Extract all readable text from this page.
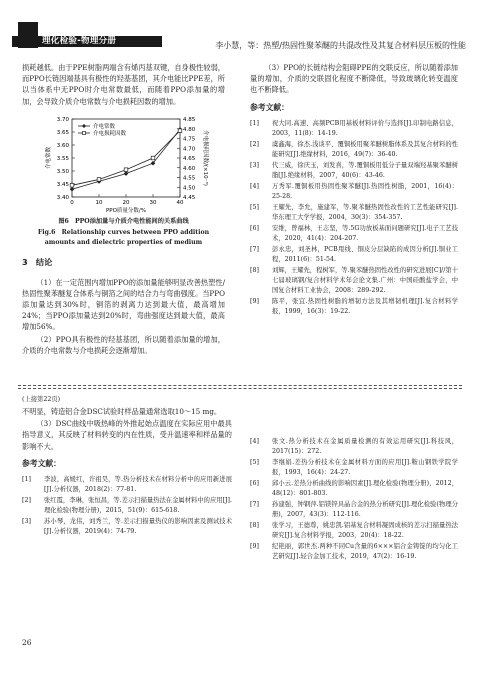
理化检验-物理分册	李小慧，等：热塑/热固性聚苯醚的共混改性及其复合材料层压板的性能

损耗越低。由于PPE树脂两端含有烯丙基双键，自身极性较弱，而PPO长链因端基具有极性的羟基基团，其介电能比PPE差，所以当体系中无PPO时介电常数最低，而随着PPO添加量的增加，会导致介质介电常数与介电损耗因数的增加。

3.40
3.45
3.50
3.55
3.60
3.65
3.70
4.45
4.50
4.55
4.60
4.65
4.70
4.75
4.80
4.85
0	10	20	30	40
PPO质量分数/%
介电常数	介电损耗因数/(×10⁻³)
介电常数
介电损耗因数
图6　PPO添加量与介质介电性能间的关系曲线
Fig.6　Relationship curves between PPO addition amounts and dielectric properties of medium
3　结论

（1）在一定范围内增加PPO的添加量能够明显改善热塑性/热固性聚苯醚复合体系与铜箔之间的结合力与弯曲强度。当PPO添加量达到30%时，铜箔的剥离力达到最大值，最高增加24%；当PPO添加量达到20%时，弯曲强度达到最大值，最高增加56%。

（2）PPO具有极性的羟基基团，所以随着添加量的增加，介质的介电常数与介电损耗会逐渐增加。

（3）PPO的长链结构会阻碍PPE的交联反应，所以随着添加量的增加，介质的交联固化程度不断降低，导致玻璃化转变温度也不断降低。

参考文献：
[1]	祝大同.高速、高频PCB用基板材料评价与选择[J].印制电路信息，2003，11(8)：14-19.
[2]	虞鑫海，徐杰.浅谈平、覆铜板用聚苯醚树脂体系及其复合材料的性能研究[J].绝缘材料，2016，49(7)：36-40.
[3]	代三威，徐庆玉，刘发喜，等.覆铜板用低分子量双端羟基聚苯醚树脂[J].绝缘材料，2007，40(6)：43-46.
[4]	万秀军.覆铜板用热固性聚苯醚[J].热固性树脂，2001，16(4)：25-28.
[5]	王耀先，李允，施建军，等.聚苯醚热固性改性的工艺性能研究[J].华东理工大学学报，2004，30(3)：354-357.
[6]	安维，曾福林，王志坚，等.5G功放板基面问题研究[J].电子工艺技术，2020，41(4)：204-207.
[7]	彭永忠，刘圣林，PCB甩线、铜皮分层缺陷的成因分析[J].铜业工程，2011(6)：51-54.
[8]	刘辉，王耀先，程树军，等.聚苯醚热固性改性的研究进展[C]//第十七届玻璃钢/复合材料学术年会论文集.广州：中国硅酸盐学会，中国复合材料工业协会，2008：289-292.
[9]	陈平，张宜.热固性树脂的增韧方法及其增韧机理[J].复合材料学报，1999，16(3)：19-22.
(上接第22页)

不明显，铸造铝合金DSC试验时样品量通常选取10～15 mg。

（3）DSC曲线中吸热峰的外推起始点温度在实际应用中最具指导意义，其反映了材料转变的内在性质，受升温速率和样品量的影响不大。

参考文献：
[1]	李波，高媛红，许祖昊，等.热分析技术在材料分析中的应用新进展[J].分析仪器，2018(2)：77-81.
[2]	张红霞，李琳，张恒昌，等.差示扫描量热法在金属材料中的应用[J].理化检验(物理分册)，2015，51(9)：615-618.
[3]	苏小琴，龙伟，刘秀兰，等.差示扫描量热仪的影响因素及测试技术[J].分析仪器，2019(4)：74-79.
[4]	张文.热分析技术在金属质量检测的有效运用研究[J].科技风，2017(15)：272.
[5]	李继娟.差热分析技术在金属材料方面的应用[J].鞍山钢铁学院学报，1993，16(4)：24-27.
[6]	邱小云.差热分析曲线的影响因素[J].理化检验(物理分册)，2012，48(12)：801-803.
[7]	孙建强，钟钢萍.铝镁锌具晶合金的热分析研究[J].理化检验(物理分册)，2007，43(3)：112-116.
[8]	张学习，王德尊，姚忠凯.铝基复合材料凝固成核的差示扫描量热法研究[J].复合材料学报，2003，20(4)：18-22.
[9]	纪艳丽，郭世杰.两种不同Cu含量的6×××铝合金铸锭的均匀化工艺研究[J].轻合金加工技术，2019，47(2)：16-19.
26
